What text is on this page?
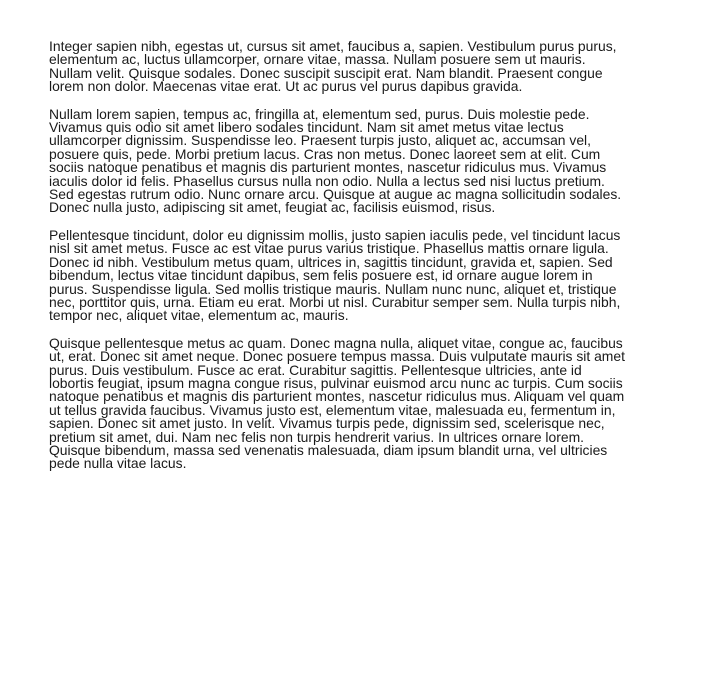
Integer sapien nibh, egestas ut, cursus sit amet, faucibus a, sapien. Vestibulum purus purus, elementum ac, luctus ullamcorper, ornare vitae, massa. Nullam posuere sem ut mauris. Nullam velit. Quisque sodales. Donec suscipit suscipit erat. Nam blandit. Praesent congue lorem non dolor. Maecenas vitae erat. Ut ac purus vel purus dapibus gravida.

Nullam lorem sapien, tempus ac, fringilla at, elementum sed, purus. Duis molestie pede. Vivamus quis odio sit amet libero sodales tincidunt. Nam sit amet metus vitae lectus ullamcorper dignissim. Suspendisse leo. Praesent turpis justo, aliquet ac, accumsan vel, posuere quis, pede. Morbi pretium lacus. Cras non metus. Donec laoreet sem at elit. Cum sociis natoque penatibus et magnis dis parturient montes, nascetur ridiculus mus. Vivamus iaculis dolor id felis. Phasellus cursus nulla non odio. Nulla a lectus sed nisi luctus pretium. Sed egestas rutrum odio. Nunc ornare arcu. Quisque at augue ac magna sollicitudin sodales. Donec nulla justo, adipiscing sit amet, feugiat ac, facilisis euismod, risus.

Pellentesque tincidunt, dolor eu dignissim mollis, justo sapien iaculis pede, vel tincidunt lacus nisl sit amet metus. Fusce ac est vitae purus varius tristique. Phasellus mattis ornare ligula. Donec id nibh. Vestibulum metus quam, ultrices in, sagittis tincidunt, gravida et, sapien. Sed bibendum, lectus vitae tincidunt dapibus, sem felis posuere est, id ornare augue lorem in purus. Suspendisse ligula. Sed mollis tristique mauris. Nullam nunc nunc, aliquet et, tristique nec, porttitor quis, urna. Etiam eu erat. Morbi ut nisl. Curabitur semper sem. Nulla turpis nibh, tempor nec, aliquet vitae, elementum ac, mauris.

Quisque pellentesque metus ac quam. Donec magna nulla, aliquet vitae, congue ac, faucibus ut, erat. Donec sit amet neque. Donec posuere tempus massa. Duis vulputate mauris sit amet purus. Duis vestibulum. Fusce ac erat. Curabitur sagittis. Pellentesque ultricies, ante id lobortis feugiat, ipsum magna congue risus, pulvinar euismod arcu nunc ac turpis. Cum sociis natoque penatibus et magnis dis parturient montes, nascetur ridiculus mus. Aliquam vel quam ut tellus gravida faucibus. Vivamus justo est, elementum vitae, malesuada eu, fermentum in, sapien. Donec sit amet justo. In velit. Vivamus turpis pede, dignissim sed, scelerisque nec, pretium sit amet, dui. Nam nec felis non turpis hendrerit varius. In ultrices ornare lorem. Quisque bibendum, massa sed venenatis malesuada, diam ipsum blandit urna, vel ultricies pede nulla vitae lacus.
